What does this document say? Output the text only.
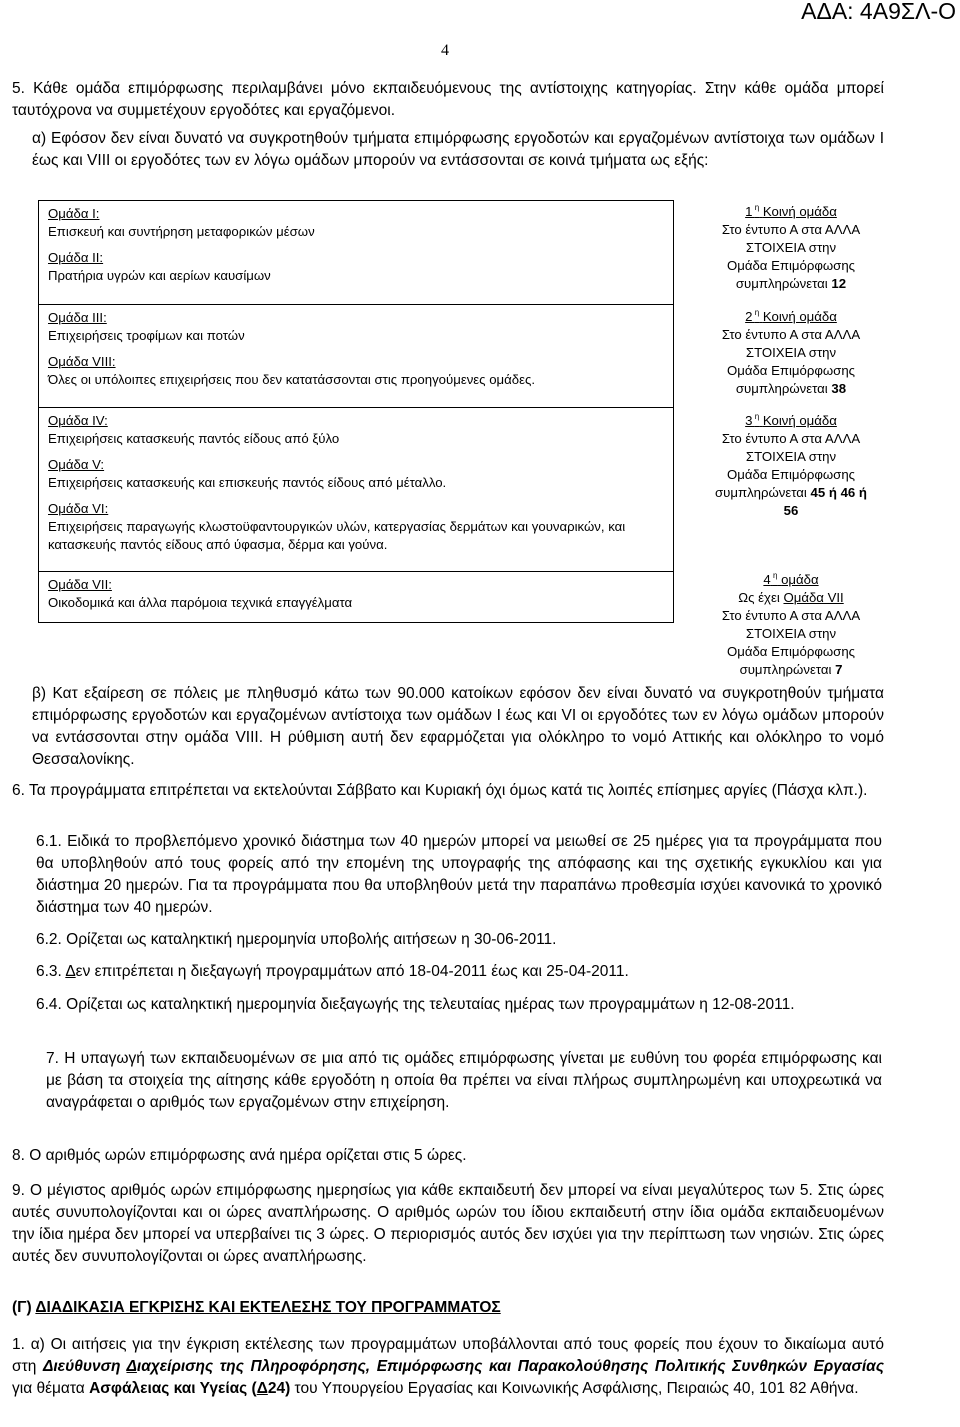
ΑΔΑ: 4Α9ΣΛ-Ο
4
5. Κάθε ομάδα επιμόρφωσης περιλαμβάνει μόνο εκπαιδευόμενους της αντίστοιχης κατηγορίας. Στην κάθε ομάδα μπορεί ταυτόχρονα να συμμετέχουν εργοδότες και εργαζόμενοι.
α) Εφόσον δεν είναι δυνατό να συγκροτηθούν τμήματα επιμόρφωσης εργοδοτών και εργαζομένων αντίστοιχα των ομάδων I έως και VIII οι εργοδότες των εν λόγω ομάδων μπορούν να εντάσσονται σε κοινά τμήματα ως εξής:
Ομάδα Ι:
Επισκευή και συντήρηση μεταφορικών μέσων
Ομάδα ΙΙ:
Πρατήρια υγρών και αερίων καυσίμων
Ομάδα ΙΙΙ:
Επιχειρήσεις τροφίμων και ποτών
Ομάδα VIII:
Όλες οι υπόλοιπες επιχειρήσεις που δεν κατατάσσονται στις προηγούμενες ομάδες.
Ομάδα IV:
Επιχειρήσεις κατασκευής παντός είδους από ξύλο
Ομάδα V:
Επιχειρήσεις κατασκευής και επισκευής παντός είδους από μέταλλο.
Ομάδα VI:
Επιχειρήσεις παραγωγής κλωστοϋφαντουργικών υλών, κατεργασίας δερμάτων και γουναρικών, και κατασκευής παντός είδους από ύφασμα, δέρμα και γούνα.
Ομάδα VII:
Οικοδομικά και άλλα παρόμοια τεχνικά επαγγέλματα
1 $^\eta$ Κοινή ομάδα
Στο έντυπο Α στα ΑΛΛΑ
ΣΤΟΙΧΕΙΑ στην
Ομάδα Επιμόρφωσης
συμπληρώνεται 12
2 $^\eta$ Κοινή ομάδα
Στο έντυπο Α στα ΑΛΛΑ
ΣΤΟΙΧΕΙΑ στην
Ομάδα Επιμόρφωσης
συμπληρώνεται 38
3 $^\eta$ Κοινή ομάδα
Στο έντυπο Α στα ΑΛΛΑ
ΣΤΟΙΧΕΙΑ στην
Ομάδα Επιμόρφωσης
συμπληρώνεται 45 ή 46 ή
56
4 $^\eta$ ομάδα
Ως έχει Ομάδα VII
Στο έντυπο Α στα ΑΛΛΑ
ΣΤΟΙΧΕΙΑ στην
Ομάδα Επιμόρφωσης
συμπληρώνεται 7
β) Κατ εξαίρεση σε πόλεις με πληθυσμό κάτω των 90.000 κατοίκων εφόσον δεν είναι δυνατό να συγκροτηθούν τμήματα επιμόρφωσης εργοδοτών και εργαζομένων αντίστοιχα των ομάδων I έως και VI οι εργοδότες των εν λόγω ομάδων μπορούν να εντάσσονται στην ομάδα VIII. Η ρύθμιση αυτή δεν εφαρμόζεται για ολόκληρο το νομό Αττικής και ολόκληρο το νομό Θεσσαλονίκης.
6. Τα προγράμματα επιτρέπεται να εκτελούνται Σάββατο και Κυριακή όχι όμως κατά τις λοιπές επίσημες αργίες (Πάσχα κλπ.).
6.1. Ειδικά το προβλεπόμενο χρονικό διάστημα των 40 ημερών μπορεί να μειωθεί σε 25 ημέρες για τα προγράμματα που θα υποβληθούν από τους φορείς από την επομένη της υπογραφής της απόφασης και της σχετικής εγκυκλίου και για διάστημα 20 ημερών. Για τα προγράμματα που θα υποβληθούν μετά την παραπάνω προθεσμία ισχύει κανονικά το χρονικό διάστημα των 40 ημερών.
6.2. Ορίζεται ως καταληκτική ημερομηνία υποβολής αιτήσεων η 30-06-2011.
6.3. Δεν επιτρέπεται η διεξαγωγή προγραμμάτων από 18-04-2011 έως και 25-04-2011.
6.4. Ορίζεται ως καταληκτική ημερομηνία διεξαγωγής της τελευταίας ημέρας των προγραμμάτων η 12-08-2011.
7. Η υπαγωγή των εκπαιδευομένων σε μια από τις ομάδες επιμόρφωσης γίνεται με ευθύνη του φορέα επιμόρφωσης και με βάση τα στοιχεία της αίτησης κάθε εργοδότη η οποία θα πρέπει να είναι πλήρως συμπληρωμένη και υποχρεωτικά να αναγράφεται ο αριθμός των εργαζομένων στην επιχείρηση.
8. Ο αριθμός ωρών επιμόρφωσης ανά ημέρα ορίζεται στις 5 ώρες.
9. Ο μέγιστος αριθμός ωρών επιμόρφωσης ημερησίως για κάθε εκπαιδευτή δεν μπορεί να είναι μεγαλύτερος των 5. Στις ώρες αυτές συνυπολογίζονται και οι ώρες αναπλήρωσης. Ο αριθμός ωρών του ίδιου εκπαιδευτή στην ίδια ομάδα εκπαιδευομένων την ίδια ημέρα δεν μπορεί να υπερβαίνει τις 3 ώρες. Ο περιορισμός αυτός δεν ισχύει για την περίπτωση των νησιών. Στις ώρες αυτές δεν συνυπολογίζονται οι ώρες αναπλήρωσης.
(Γ) ΔΙΑΔΙΚΑΣΙΑ ΕΓΚΡΙΣΗΣ ΚΑΙ ΕΚΤΕΛΕΣΗΣ ΤΟΥ ΠΡΟΓΡΑΜΜΑΤΟΣ
1. α) Οι αιτήσεις για την έγκριση εκτέλεσης των προγραμμάτων υποβάλλονται από τους φορείς που έχουν το δικαίωμα αυτό στη Διεύθυνση Διαχείρισης της Πληροφόρησης, Επιμόρφωσης και Παρακολούθησης Πολιτικής Συνθηκών Εργασίας για θέματα Ασφάλειας και Υγείας (Δ24) του Υπουργείου Εργασίας και Κοινωνικής Ασφάλισης, Πειραιώς 40, 101 82 Αθήνα.
